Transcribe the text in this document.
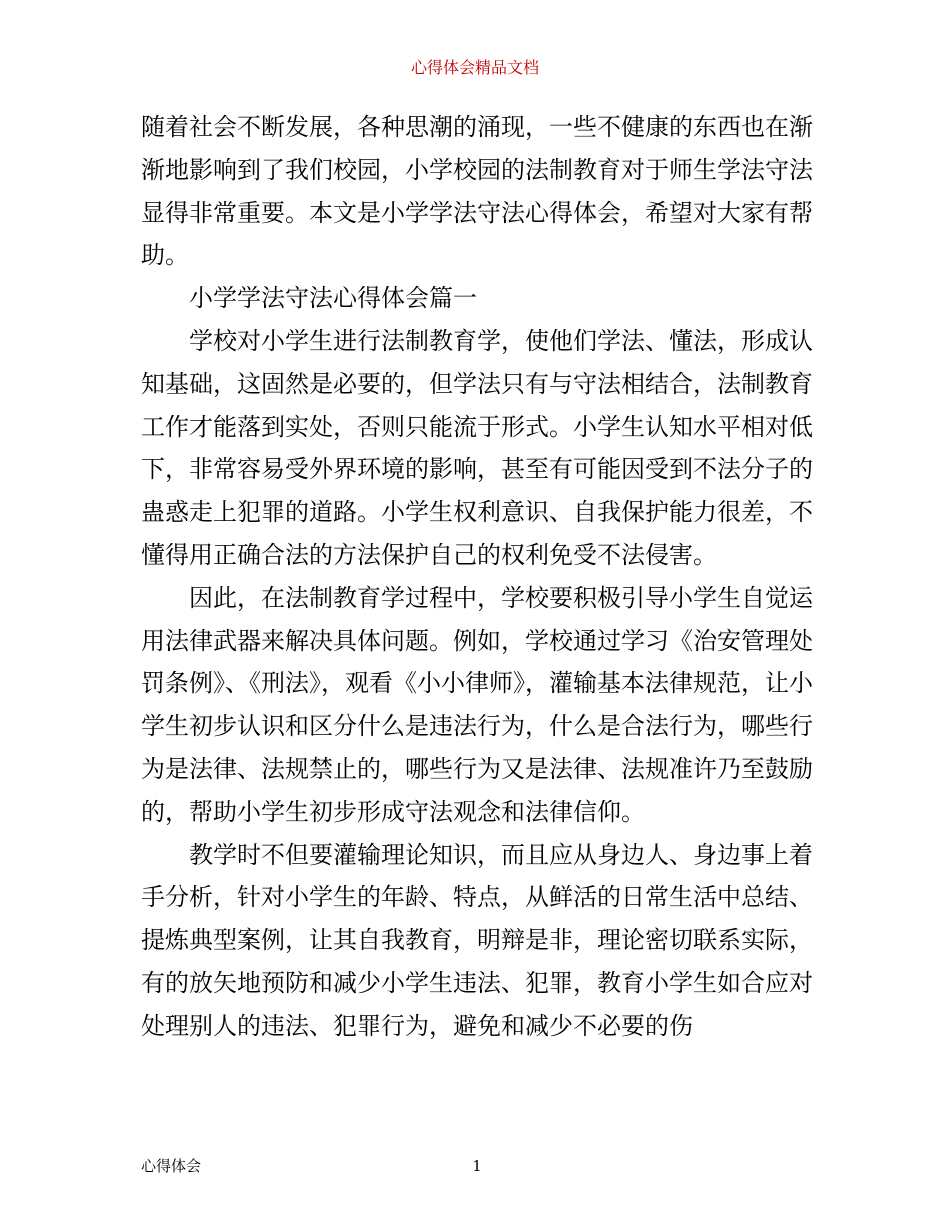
心得体会精品文档

随着社会不断发展，各种思潮的涌现，一些不健康的东西也在渐渐地影响到了我们校园，小学校园的法制教育对于师生学法守法显得非常重要。本文是小学学法守法心得体会，希望对大家有帮助。

小学学法守法心得体会篇一

学校对小学生进行法制教育学，使他们学法、懂法，形成认知基础，这固然是必要的，但学法只有与守法相结合，法制教育工作才能落到实处，否则只能流于形式。小学生认知水平相对低下，非常容易受外界环境的影响，甚至有可能因受到不法分子的蛊惑走上犯罪的道路。小学生权利意识、自我保护能力很差，不懂得用正确合法的方法保护自己的权利免受不法侵害。

因此，在法制教育学过程中，学校要积极引导小学生自觉运用法律武器来解决具体问题。例如，学校通过学习《治安管理处罚条例》、《刑法》，观看《小小律师》，灌输基本法律规范，让小学生初步认识和区分什么是违法行为，什么是合法行为，哪些行为是法律、法规禁止的，哪些行为又是法律、法规准许乃至鼓励的，帮助小学生初步形成守法观念和法律信仰。

教学时不但要灌输理论知识，而且应从身边人、身边事上着手分析，针对小学生的年龄、特点，从鲜活的日常生活中总结、提炼典型案例，让其自我教育，明辩是非，理论密切联系实际，有的放矢地预防和减少小学生违法、犯罪，教育小学生如合应对处理别人的违法、犯罪行为，避免和减少不必要的伤

心得体会	1
